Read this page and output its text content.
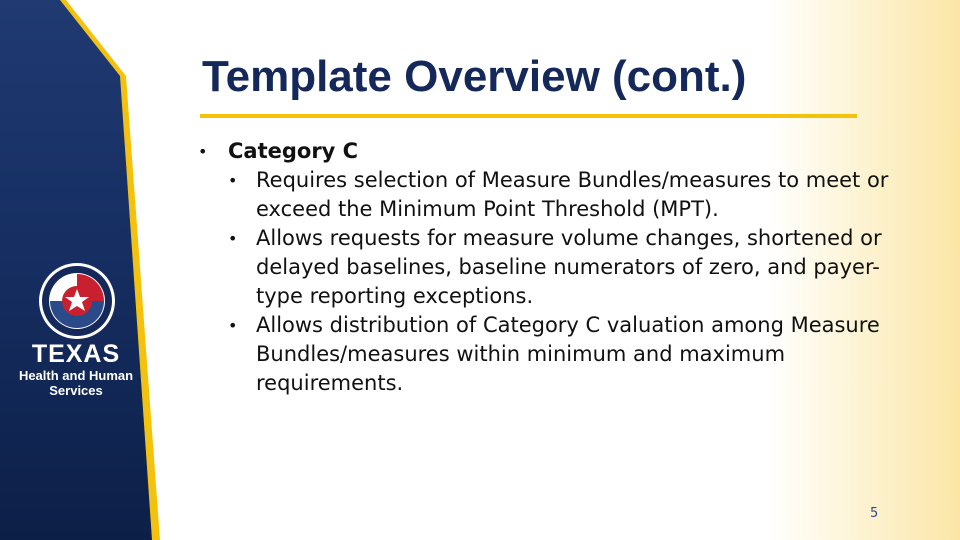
TEXAS
Health and Human
Services
Template Overview (cont.)
• Category C
• Requires selection of Measure Bundles/measures to meet or exceed the Minimum Point Threshold (MPT).
• Allows requests for measure volume changes, shortened or delayed baselines, baseline numerators of zero, and payer-type reporting exceptions.
• Allows distribution of Category C valuation among Measure Bundles/measures within minimum and maximum requirements.
5
